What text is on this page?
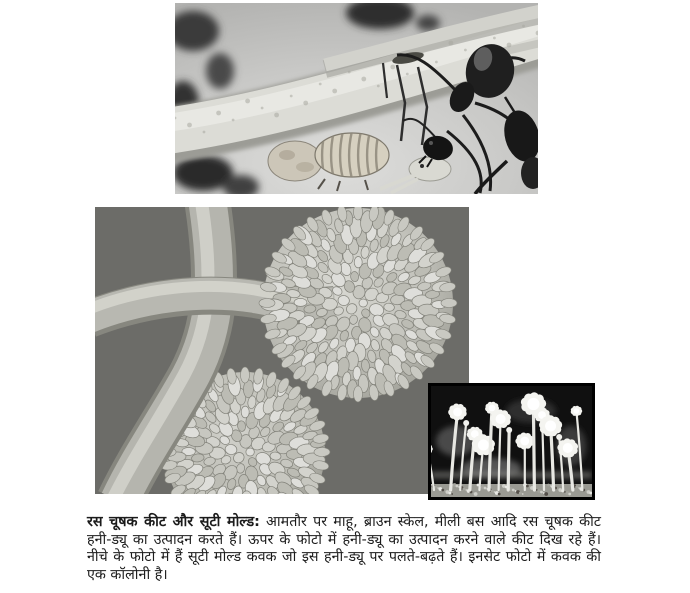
रस चूषक कीट और सूटी मोल्ड: आमतौर पर माहू, ब्राउन स्केल, मीली बस आदि रस चूषक कीट हनी-ड्यू का उत्पादन करते हैं। ऊपर के फोटो में हनी-ड्यू का उत्पादन करने वाले कीट दिख रहे हैं। नीचे के फोटो में हैं सूटी मोल्ड कवक जो इस हनी-ड्यू पर पलते-बढ़ते हैं। इनसेट फोटो में कवक की एक कॉलोनी है।
